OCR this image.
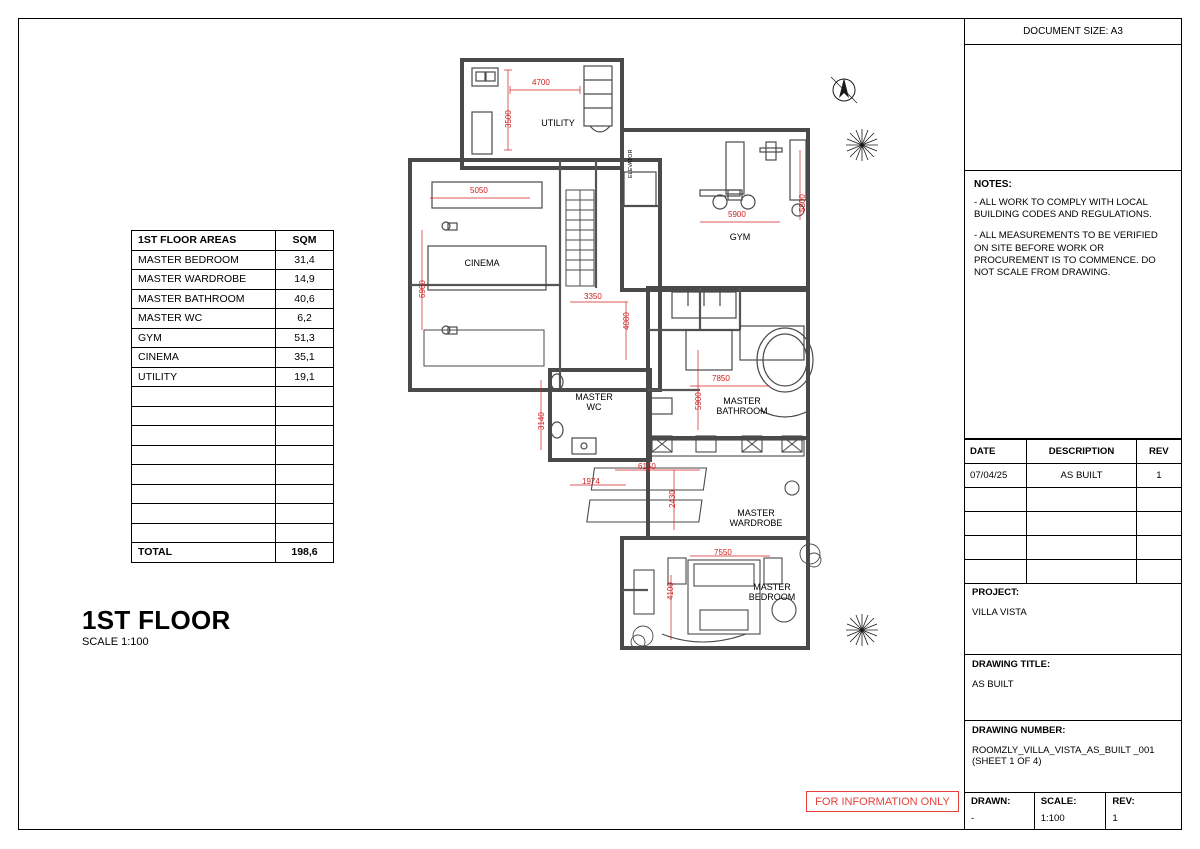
UTILITY
CINEMA
GYM
MASTER
WC
MASTER
BATHROOM
MASTER
WARDROBE
MASTER
BEDROOM
ELEVATOR
4700
3500
5050
6960
5900
5500
3350
4080
5900
7850
3140
1974
6150
2430
7550
4100
1ST FLOOR AREAS	SQM
MASTER BEDROOM	31,4
MASTER WARDROBE	14,9
MASTER BATHROOM	40,6
MASTER WC	6,2
GYM	51,3
CINEMA	35,1
UTILITY	19,1

TOTAL	198,6
1ST FLOOR
SCALE 1:100
FOR INFORMATION ONLY
DOCUMENT SIZE: A3
NOTES:

- ALL WORK TO COMPLY WITH LOCAL BUILDING CODES AND REGULATIONS.

- ALL MEASUREMENTS TO BE VERIFIED ON SITE BEFORE WORK OR PROCUREMENT IS TO COMMENCE. DO NOT SCALE FROM DRAWING.

DATE	DESCRIPTION	REV
07/04/25	AS BUILT	1

PROJECT:
VILLA VISTA
DRAWING TITLE:
AS BUILT
DRAWING NUMBER:
ROOMZLY_VILLA_VISTA_AS_BUILT _001 (SHEET 1 OF 4)
DRAWN:
-
SCALE:
1:100
REV:
1
